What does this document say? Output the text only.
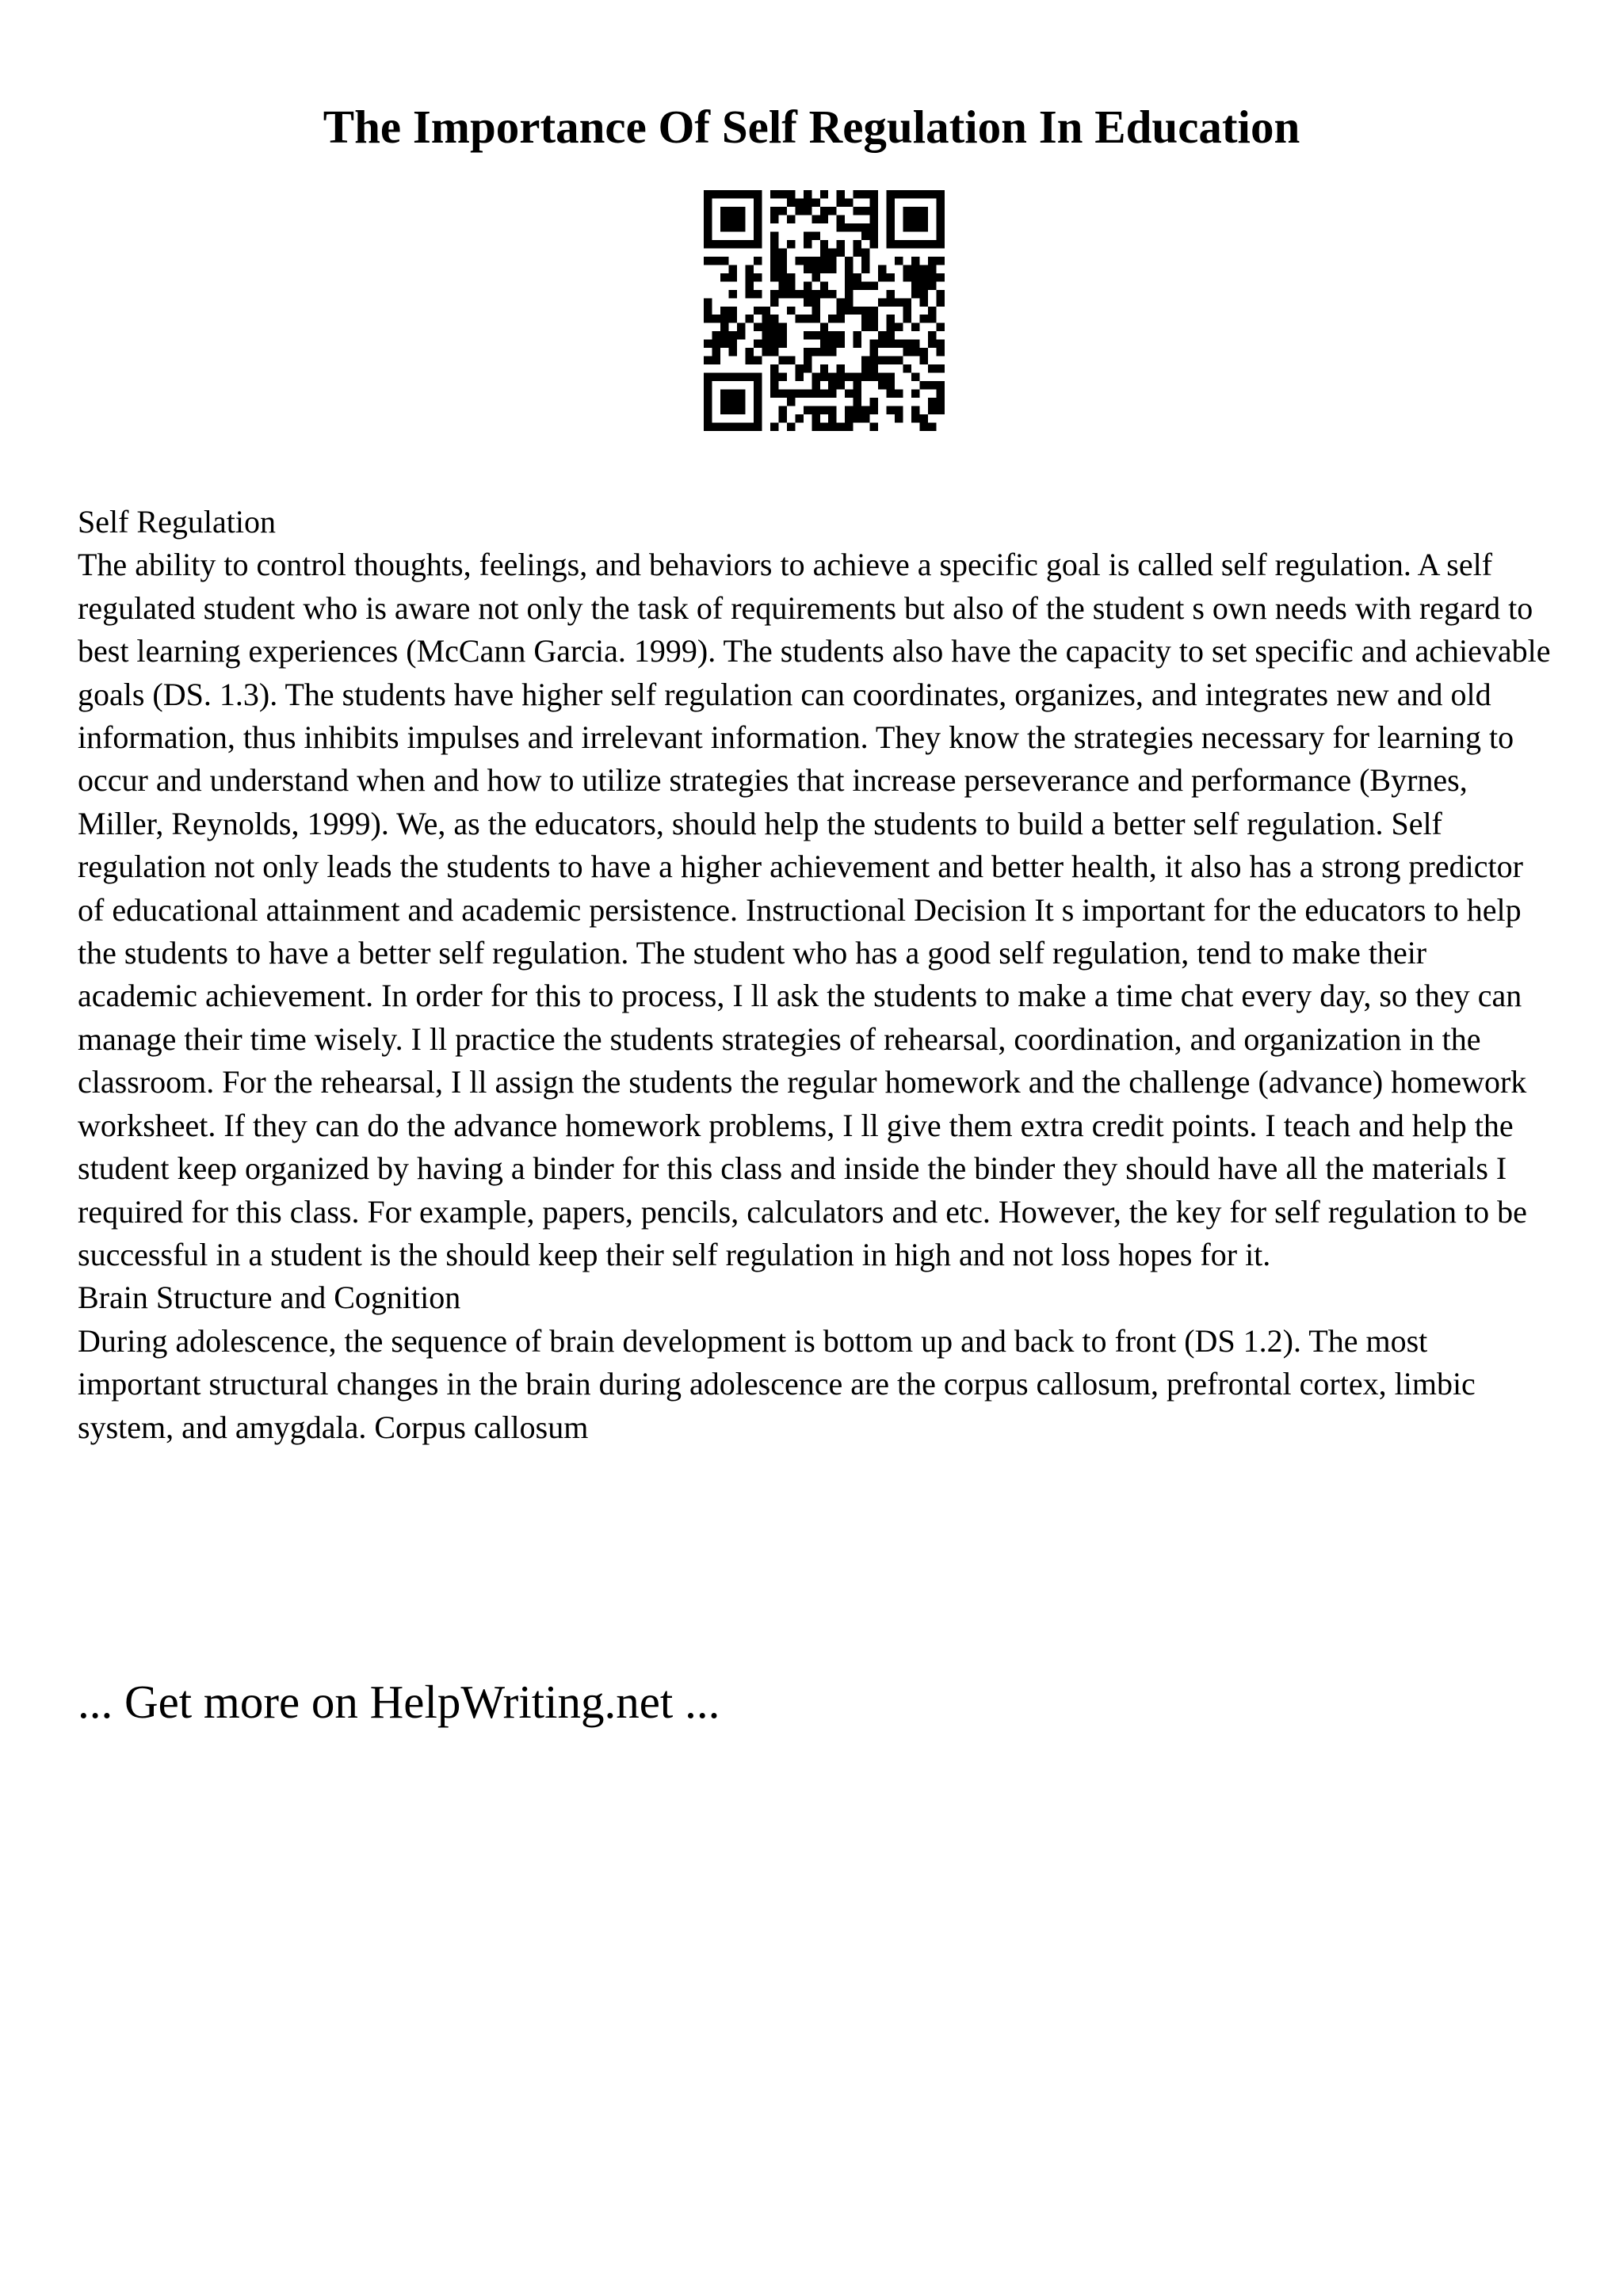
The Importance Of Self Regulation In Education

Self Regulation

The ability to control thoughts, feelings, and behaviors to achieve a specific goal is called self regulation. A self regulated student who is aware not only the task of requirements but also of the student s own needs with regard to best learning experiences (McCann Garcia. 1999). The students also have the capacity to set specific and achievable goals (DS. 1.3). The students have higher self regulation can coordinates, organizes, and integrates new and old information, thus inhibits impulses and irrelevant information. They know the strategies necessary for learning to occur and understand when and how to utilize strategies that increase perseverance and performance (Byrnes, Miller, Reynolds, 1999). We, as the educators, should help the students to build a better self regulation. Self regulation not only leads the students to have a higher achievement and better health, it also has a strong predictor of educational attainment and academic persistence. Instructional Decision It s important for the educators to help the students to have a better self regulation. The student who has a good self regulation, tend to make their academic achievement. In order for this to process, I ll ask the students to make a time chat every day, so they can manage their time wisely. I ll practice the students strategies of rehearsal, coordination, and organization in the classroom. For the rehearsal, I ll assign the students the regular homework and the challenge (advance) homework worksheet. If they can do the advance homework problems, I ll give them extra credit points. I teach and help the student keep organized by having a binder for this class and inside the binder they should have all the materials I required for this class. For example, papers, pencils, calculators and etc. However, the key for self regulation to be successful in a student is the should keep their self regulation in high and not loss hopes for it.

Brain Structure and Cognition

During adolescence, the sequence of brain development is bottom up and back to front (DS 1.2). The most important structural changes in the brain during adolescence are the corpus callosum, prefrontal cortex, limbic system, and amygdala. Corpus callosum

... Get more on HelpWriting.net ...
